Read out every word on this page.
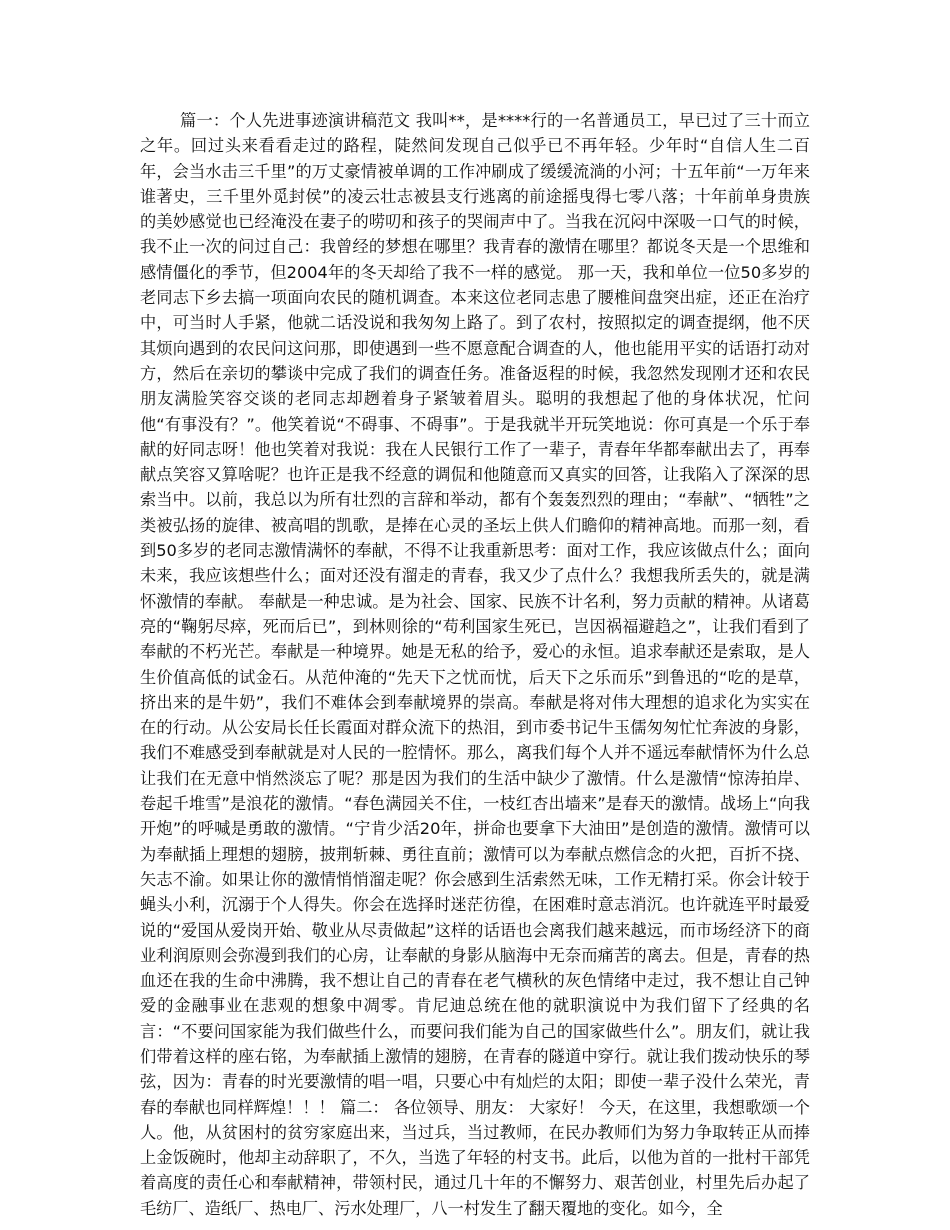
篇一：个人先进事迹演讲稿范文 我叫**，是****行的一名普通员工，早已过了三十而立之年。回过头来看看走过的路程，陡然间发现自己似乎已不再年轻。少年时“自信人生二百年，会当水击三千里”的万丈豪情被单调的工作冲刷成了缓缓流淌的小河；十五年前“一万年来谁著史，三千里外觅封侯”的凌云壮志被县支行逃离的前途摇曳得七零八落；十年前单身贵族的美妙感觉也已经淹没在妻子的唠叨和孩子的哭闹声中了。当我在沉闷中深吸一口气的时候，我不止一次的问过自己：我曾经的梦想在哪里？我青春的激情在哪里？都说冬天是一个思维和感情僵化的季节，但2004年的冬天却给了我不一样的感觉。 那一天，我和单位一位50多岁的老同志下乡去搞一项面向农民的随机调查。本来这位老同志患了腰椎间盘突出症，还正在治疗中，可当时人手紧，他就二话没说和我匆匆上路了。到了农村，按照拟定的调查提纲，他不厌其烦向遇到的农民问这问那，即使遇到一些不愿意配合调查的人，他也能用平实的话语打动对方，然后在亲切的攀谈中完成了我们的调查任务。准备返程的时候，我忽然发现刚才还和农民朋友满脸笑容交谈的老同志却趔着身子紧皱着眉头。聪明的我想起了他的身体状况，忙问他“有事没有？”。他笑着说“不碍事、不碍事”。于是我就半开玩笑地说：你可真是一个乐于奉献的好同志呀！他也笑着对我说：我在人民银行工作了一辈子，青春年华都奉献出去了，再奉献点笑容又算啥呢？也许正是我不经意的调侃和他随意而又真实的回答，让我陷入了深深的思索当中。以前，我总以为所有壮烈的言辞和举动，都有个轰轰烈烈的理由；“奉献”、“牺牲”之类被弘扬的旋律、被高唱的凯歌，是捧在心灵的圣坛上供人们瞻仰的精神高地。而那一刻，看到50多岁的老同志激情满怀的奉献，不得不让我重新思考：面对工作，我应该做点什么；面向未来，我应该想些什么；面对还没有溜走的青春，我又少了点什么？我想我所丢失的，就是满怀激情的奉献。 奉献是一种忠诚。是为社会、国家、民族不计名利，努力贡献的精神。从诸葛亮的“鞠躬尽瘁，死而后已”，到林则徐的“苟利国家生死已，岂因祸福避趋之”，让我们看到了奉献的不朽光芒。奉献是一种境界。她是无私的给予，爱心的永恒。追求奉献还是索取，是人生价值高低的试金石。从范仲淹的“先天下之忧而忧，后天下之乐而乐”到鲁迅的“吃的是草，挤出来的是牛奶”，我们不难体会到奉献境界的崇高。奉献是将对伟大理想的追求化为实实在在的行动。从公安局长任长霞面对群众流下的热泪，到市委书记牛玉儒匆匆忙忙奔波的身影，我们不难感受到奉献就是对人民的一腔情怀。那么，离我们每个人并不遥远奉献情怀为什么总让我们在无意中悄然淡忘了呢？那是因为我们的生活中缺少了激情。什么是激情“惊涛拍岸、卷起千堆雪”是浪花的激情。“春色满园关不住，一枝红杏出墙来”是春天的激情。战场上“向我开炮”的呼喊是勇敢的激情。“宁肯少活20年，拼命也要拿下大油田”是创造的激情。激情可以为奉献插上理想的翅膀，披荆斩棘、勇往直前；激情可以为奉献点燃信念的火把，百折不挠、矢志不渝。如果让你的激情悄悄溜走呢？你会感到生活索然无味，工作无精打采。你会计较于蝇头小利，沉溺于个人得失。你会在选择时迷茫彷徨，在困难时意志消沉。也许就连平时最爱说的“爱国从爱岗开始、敬业从尽责做起”这样的话语也会离我们越来越远，而市场经济下的商业利润原则会弥漫到我们的心房，让奉献的身影从脑海中无奈而痛苦的离去。但是，青春的热血还在我的生命中沸腾，我不想让自己的青春在老气横秋的灰色情绪中走过，我不想让自己钟爱的金融事业在悲观的想象中凋零。肯尼迪总统在他的就职演说中为我们留下了经典的名言：“不要问国家能为我们做些什么，而要问我们能为自己的国家做些什么”。朋友们，就让我们带着这样的座右铭，为奉献插上激情的翅膀，在青春的隧道中穿行。就让我们拨动快乐的琴弦，因为：青春的时光要激情的唱一唱，只要心中有灿烂的太阳；即使一辈子没什么荣光，青春的奉献也同样辉煌！！！ 篇二： 各位领导、朋友： 大家好！ 今天，在这里，我想歌颂一个人。他，从贫困村的贫穷家庭出来，当过兵，当过教师，在民办教师们为努力争取转正从而捧上金饭碗时，他却主动辞职了，不久，当选了年轻的村支书。此后，以他为首的一批村干部凭着高度的责任心和奉献精神，带领村民，通过几十年的不懈努力、艰苦创业，村里先后办起了毛纺厂、造纸厂、热电厂、污水处理厂，八一村发生了翻天覆地的变化。如今，全
